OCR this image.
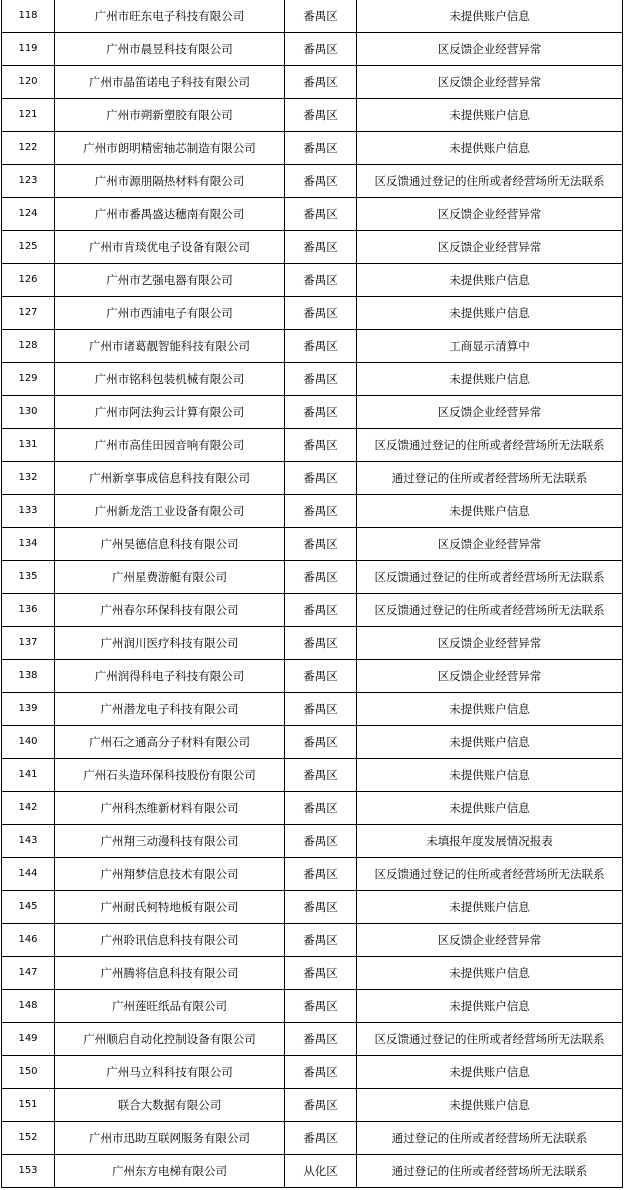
118	广州市旺东电子科技有限公司	番禺区	未提供账户信息
119	广州市晨昱科技有限公司	番禺区	区反馈企业经营异常
120	广州市晶笛诺电子科技有限公司	番禺区	区反馈企业经营异常
121	广州市朔新塑胶有限公司	番禺区	未提供账户信息
122	广州市朗明精密轴芯制造有限公司	番禺区	未提供账户信息
123	广州市源朋隔热材料有限公司	番禺区	区反馈通过登记的住所或者经营场所无法联系
124	广州市番禺盛达穗南有限公司	番禺区	区反馈企业经营异常
125	广州市肯琰优电子设备有限公司	番禺区	区反馈企业经营异常
126	广州市艺强电器有限公司	番禺区	未提供账户信息
127	广州市西浦电子有限公司	番禺区	未提供账户信息
128	广州市诸葛靓智能科技有限公司	番禺区	工商显示清算中
129	广州市铭科包装机械有限公司	番禺区	未提供账户信息
130	广州市阿法狗云计算有限公司	番禺区	区反馈企业经营异常
131	广州市高佳田园音响有限公司	番禺区	区反馈通过登记的住所或者经营场所无法联系
132	广州新享事成信息科技有限公司	番禺区	通过登记的住所或者经营场所无法联系
133	广州新龙浩工业设备有限公司	番禺区	未提供账户信息
134	广州昊德信息科技有限公司	番禺区	区反馈企业经营异常
135	广州星费游艇有限公司	番禺区	区反馈通过登记的住所或者经营场所无法联系
136	广州春尔环保科技有限公司	番禺区	区反馈通过登记的住所或者经营场所无法联系
137	广州润川医疗科技有限公司	番禺区	区反馈企业经营异常
138	广州润得科电子科技有限公司	番禺区	区反馈企业经营异常
139	广州潜龙电子科技有限公司	番禺区	未提供账户信息
140	广州石之通高分子材料有限公司	番禺区	未提供账户信息
141	广州石头造环保科技股份有限公司	番禺区	未提供账户信息
142	广州科杰维新材料有限公司	番禺区	未提供账户信息
143	广州翔三动漫科技有限公司	番禺区	未填报年度发展情况报表
144	广州翔梦信息技术有限公司	番禺区	区反馈通过登记的住所或者经营场所无法联系
145	广州耐氏柯特地板有限公司	番禺区	未提供账户信息
146	广州聆讯信息科技有限公司	番禺区	区反馈企业经营异常
147	广州腾将信息科技有限公司	番禺区	未提供账户信息
148	广州莲旺纸品有限公司	番禺区	未提供账户信息
149	广州顺启自动化控制设备有限公司	番禺区	区反馈通过登记的住所或者经营场所无法联系
150	广州马立科科技有限公司	番禺区	未提供账户信息
151	联合大数据有限公司	番禺区	未提供账户信息
152	广州市迅助互联网服务有限公司	番禺区	通过登记的住所或者经营场所无法联系
153	广州东方电梯有限公司	从化区	通过登记的住所或者经营场所无法联系
